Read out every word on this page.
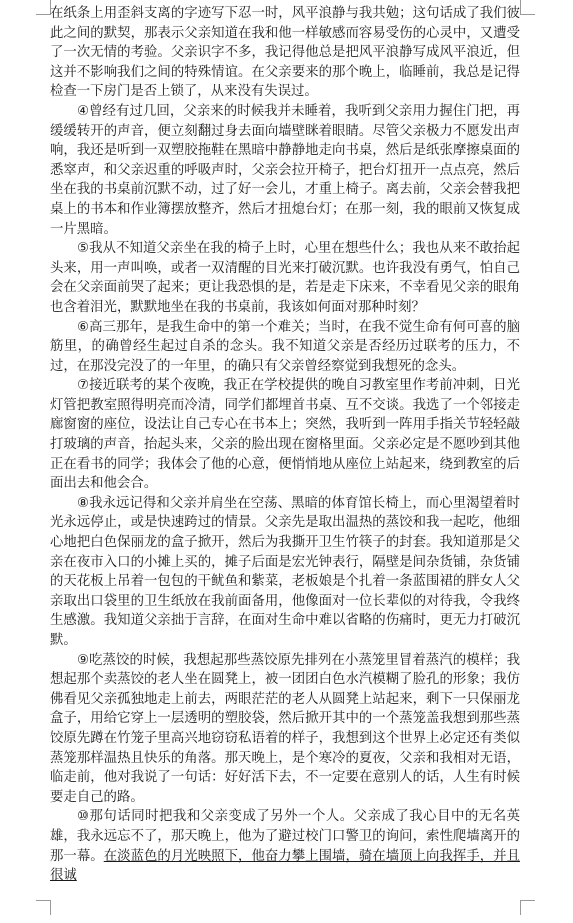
在纸条上用歪斜支离的字迹写下忍一时，风平浪静与我共勉；这句话成了我们彼此之间的默契，那表示父亲知道在我和他一样敏感而容易受伤的心灵中，又遭受了一次无情的考验。父亲识字不多，我记得他总是把风平浪静写成风平浪近，但这并不影响我们之间的特殊情谊。在父亲要来的那个晚上，临睡前，我总是记得检查一下房门是否上锁了，从来没有失误过。

④曾经有过几回，父亲来的时候我并未睡着，我听到父亲用力握住门把，再缓缓转开的声音，便立刻翻过身去面向墙壁眯着眼睛。尽管父亲极力不愿发出声响，我还是听到一双塑胶拖鞋在黑暗中静静地走向书桌，然后是纸张摩擦桌面的悉窣声，和父亲迟重的呼吸声时，父亲会拉开椅子，把台灯扭开一点点亮，然后坐在我的书桌前沉默不动，过了好一会儿，才重上椅子。离去前，父亲会替我把桌上的书本和作业簿摆放整齐，然后才扭熄台灯；在那一刻，我的眼前又恢复成一片黑暗。

⑤我从不知道父亲坐在我的椅子上时，心里在想些什么；我也从来不敢抬起头来，用一声叫唤，或者一双清醒的目光来打破沉默。也许我没有勇气，怕自己会在父亲面前哭了起来；更让我恐惧的是，若是走下床来，不幸看见父亲的眼角也含着泪光，默默地坐在我的书桌前，我该如何面对那种时刻？

⑥高三那年，是我生命中的第一个难关；当时，在我不觉生命有何可喜的脑筋里，的确曾经生起过自杀的念头。我不知道父亲是否经历过联考的压力，不过，在那没完没了的一年里，的确只有父亲曾经察觉到我想死的念头。

⑦接近联考的某个夜晚，我正在学校提供的晚自习教室里作考前冲刺，日光灯管把教室照得明亮而冷清，同学们都埋首书桌、互不交谈。我选了一个邻接走廊窗窗的座位，设法让自己专心在书本上；突然，我听到一阵用手指关节轻轻敲打玻璃的声音，抬起头来，父亲的脸出现在窗格里面。父亲必定是不愿吵到其他正在看书的同学；我体会了他的心意，便悄悄地从座位上站起来，绕到教室的后面出去和他会合。

⑧我永远记得和父亲并肩坐在空荡、黑暗的体育馆长椅上，而心里渴望着时光永远停止，或是快速跨过的情景。父亲先是取出温热的蒸饺和我一起吃，他细心地把白色保丽龙的盒子掀开，然后为我撕开卫生竹筷子的封套。我知道那是父亲在夜市入口的小摊上买的，摊子后面是宏光钟表行，隔壁是间杂货铺，杂货铺的天花板上吊着一包包的干鱿鱼和紫菜，老板娘是个扎着一条蓝围裙的胖女人父亲取出口袋里的卫生纸放在我前面备用，他像面对一位长辈似的对待我，令我终生感激。我知道父亲拙于言辞，在面对生命中难以省略的伤痛时，更无力打破沉默。

⑨吃蒸饺的时候，我想起那些蒸饺原先排列在小蒸笼里冒着蒸汽的模样；我想起那个卖蒸饺的老人坐在圆凳上，被一团团白色水汽模糊了脸孔的形象；我仿佛看见父亲孤独地走上前去，两眼茫茫的老人从圆凳上站起来，剩下一只保丽龙盒子，用给它穿上一层透明的塑胶袋，然后掀开其中的一个蒸笼盖我想到那些蒸饺原先蹲在竹笼子里高兴地窃窃私语着的样子，我想到这个世界上必定还有类似蒸笼那样温热且快乐的角落。那天晚上，是个寒冷的夏夜，父亲和我相对无语，临走前，他对我说了一句话：好好活下去，不一定要在意别人的话，人生有时候要走自己的路。

⑩那句话同时把我和父亲变成了另外一个人。父亲成了我心目中的无名英雄，我永远忘不了，那天晚上，他为了避过校门口警卫的询问，索性爬墙离开的那一幕。在淡蓝色的月光映照下，他奋力攀上围墙，骑在墙顶上向我挥手，并且很诚
